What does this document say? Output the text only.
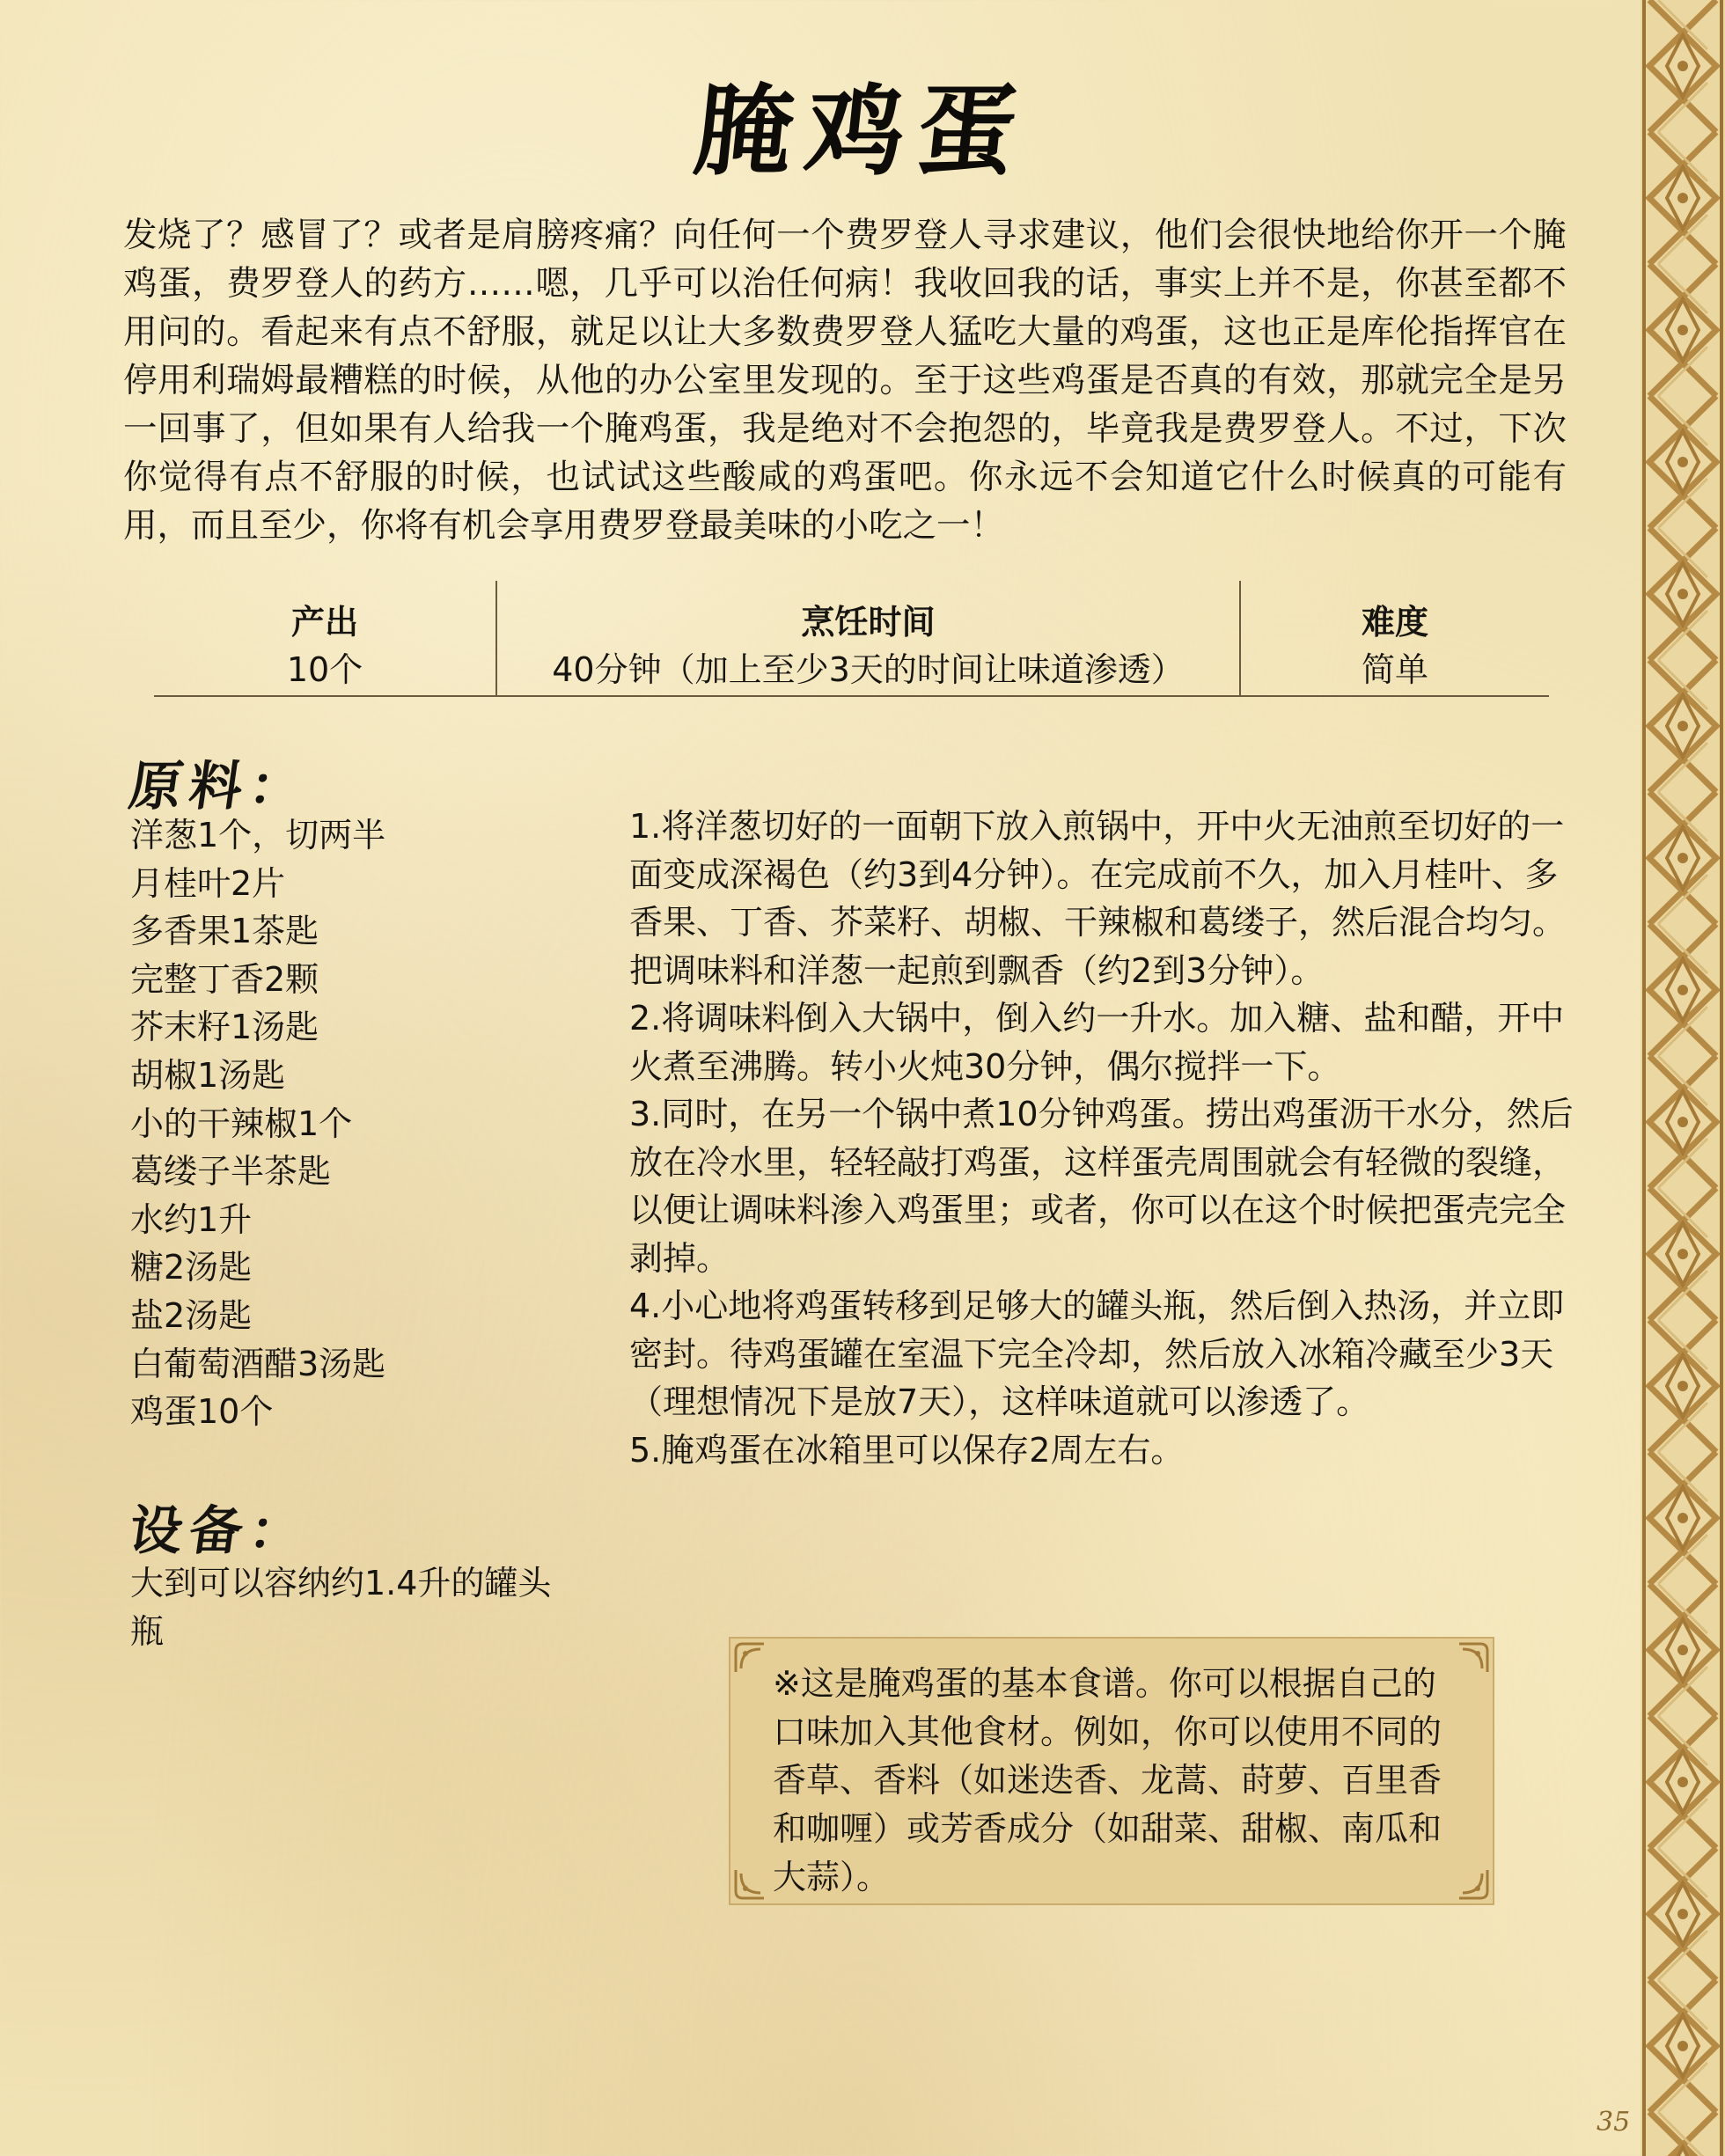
腌鸡蛋

发烧了？感冒了？或者是肩膀疼痛？向任何一个费罗登人寻求建议，他们会很快地给你开一个腌鸡蛋，费罗登人的药方……嗯，几乎可以治任何病！我收回我的话，事实上并不是，你甚至都不用问的。看起来有点不舒服，就足以让大多数费罗登人猛吃大量的鸡蛋，这也正是库伦指挥官在停用利瑞姆最糟糕的时候，从他的办公室里发现的。至于这些鸡蛋是否真的有效，那就完全是另一回事了，但如果有人给我一个腌鸡蛋，我是绝对不会抱怨的，毕竟我是费罗登人。不过，下次你觉得有点不舒服的时候，也试试这些酸咸的鸡蛋吧。你永远不会知道它什么时候真的可能有用，而且至少，你将有机会享用费罗登最美味的小吃之一！

产出
10个
烹饪时间
40分钟（加上至少3天的时间让味道渗透）
难度
简单
原料：
洋葱1个，切两半
月桂叶2片
多香果1茶匙
完整丁香2颗
芥末籽1汤匙
胡椒1汤匙
小的干辣椒1个
葛缕子半茶匙
水约1升
糖2汤匙
盐2汤匙
白葡萄酒醋3汤匙
鸡蛋10个
设备：
大到可以容纳约1.4升的罐头瓶

1.将洋葱切好的一面朝下放入煎锅中，开中火无油煎至切好的一面变成深褐色（约3到4分钟）。在完成前不久，加入月桂叶、多香果、丁香、芥菜籽、胡椒、干辣椒和葛缕子，然后混合均匀。把调味料和洋葱一起煎到飘香（约2到3分钟）。

2.将调味料倒入大锅中，倒入约一升水。加入糖、盐和醋，开中火煮至沸腾。转小火炖30分钟，偶尔搅拌一下。

3.同时，在另一个锅中煮10分钟鸡蛋。捞出鸡蛋沥干水分，然后放在冷水里，轻轻敲打鸡蛋，这样蛋壳周围就会有轻微的裂缝，以便让调味料渗入鸡蛋里；或者，你可以在这个时候把蛋壳完全剥掉。

4.小心地将鸡蛋转移到足够大的罐头瓶，然后倒入热汤，并立即密封。待鸡蛋罐在室温下完全冷却，然后放入冰箱冷藏至少3天（理想情况下是放7天），这样味道就可以渗透了。

5.腌鸡蛋在冰箱里可以保存2周左右。

※这是腌鸡蛋的基本食谱。你可以根据自己的口味加入其他食材。例如，你可以使用不同的香草、香料（如迷迭香、龙蒿、莳萝、百里香和咖喱）或芳香成分（如甜菜、甜椒、南瓜和大蒜）。
35
